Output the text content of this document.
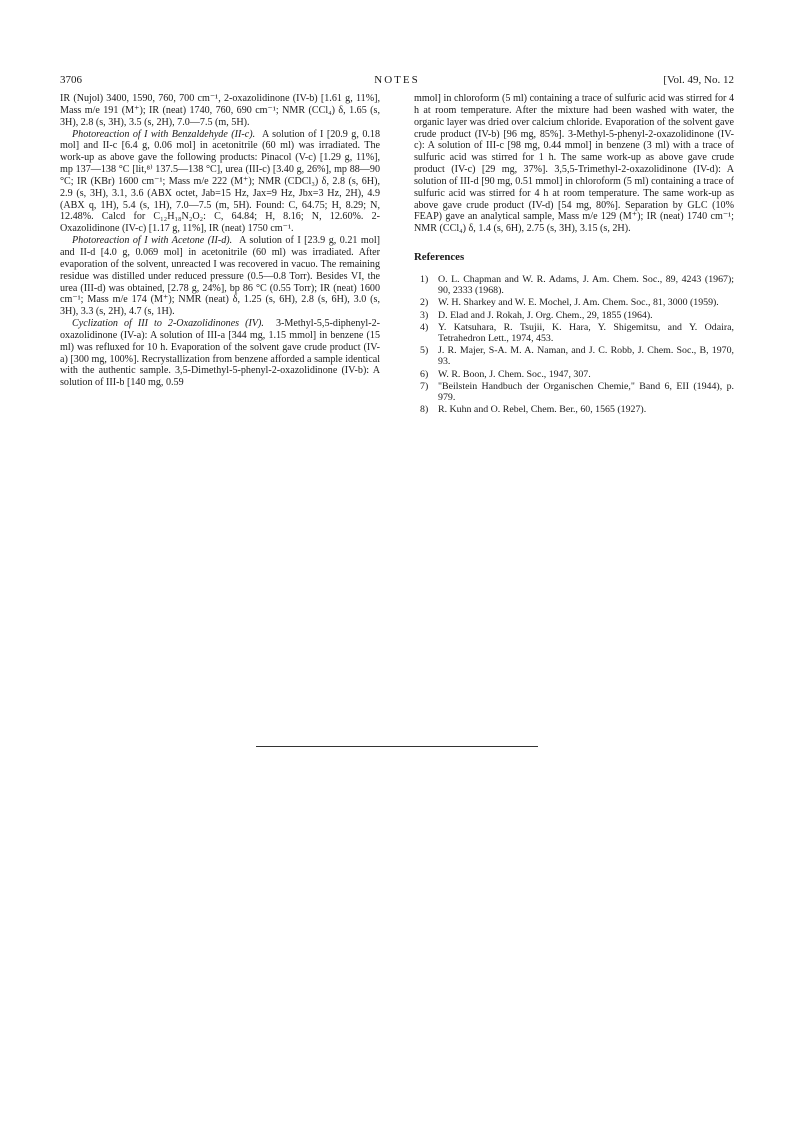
3706	NOTES	[Vol. 49, No. 12

IR (Nujol) 3400, 1590, 760, 700 cm⁻¹, 2-oxazolidinone (IV-b) [1.61 g, 11%], Mass m/e 191 (M⁺); IR (neat) 1740, 760, 690 cm⁻¹; NMR (CCl₄) δ, 1.65 (s, 3H), 2.8 (s, 3H), 3.5 (s, 2H), 7.0—7.5 (m, 5H).

Photoreaction of I with Benzaldehyde (II-c). A solution of I [20.9 g, 0.18 mol] and II-c [6.4 g, 0.06 mol] in acetonitrile (60 ml) was irradiated. The work-up as above gave the following products: Pinacol (V-c) [1.29 g, 11%], mp 137—138 °C [lit,⁸⁾ 137.5—138 °C], urea (III-c) [3.40 g, 26%], mp 88—90 °C; IR (KBr) 1600 cm⁻¹; Mass m/e 222 (M⁺); NMR (CDCl₃) δ, 2.8 (s, 6H), 2.9 (s, 3H), 3.1, 3.6 (ABX octet, Jab=15 Hz, Jax=9 Hz, Jbx=3 Hz, 2H), 4.9 (ABX q, 1H), 5.4 (s, 1H), 7.0—7.5 (m, 5H). Found: C, 64.75; H, 8.29; N, 12.48%. Calcd for C₁₂H₁₈N₂O₂: C, 64.84; H, 8.16; N, 12.60%. 2-Oxazolidinone (IV-c) [1.17 g, 11%], IR (neat) 1750 cm⁻¹.

Photoreaction of I with Acetone (II-d). A solution of I [23.9 g, 0.21 mol] and II-d [4.0 g, 0.069 mol] in acetonitrile (60 ml) was irradiated. After evaporation of the solvent, unreacted I was recovered in vacuo. The remaining residue was distilled under reduced pressure (0.5—0.8 Torr). Besides VI, the urea (III-d) was obtained, [2.78 g, 24%], bp 86 °C (0.55 Torr); IR (neat) 1600 cm⁻¹; Mass m/e 174 (M⁺); NMR (neat) δ, 1.25 (s, 6H), 2.8 (s, 6H), 3.0 (s, 3H), 3.3 (s, 2H), 4.7 (s, 1H).

Cyclization of III to 2-Oxazolidinones (IV). 3-Methyl-5,5-diphenyl-2-oxazolidinone (IV-a): A solution of III-a [344 mg, 1.15 mmol] in benzene (15 ml) was refluxed for 10 h. Evaporation of the solvent gave crude product (IV-a) [300 mg, 100%]. Recrystallization from benzene afforded a sample identical with the authentic sample. 3,5-Dimethyl-5-phenyl-2-oxazolidinone (IV-b): A solution of III-b [140 mg, 0.59

mmol] in chloroform (5 ml) containing a trace of sulfuric acid was stirred for 4 h at room temperature. After the mixture had been washed with water, the organic layer was dried over calcium chloride. Evaporation of the solvent gave crude product (IV-b) [96 mg, 85%]. 3-Methyl-5-phenyl-2-oxazolidinone (IV-c): A solution of III-c [98 mg, 0.44 mmol] in benzene (3 ml) with a trace of sulfuric acid was stirred for 1 h. The same work-up as above gave crude product (IV-c) [29 mg, 37%]. 3,5,5-Trimethyl-2-oxazolidinone (IV-d): A solution of III-d [90 mg, 0.51 mmol] in chloroform (5 ml) containing a trace of sulfuric acid was stirred for 4 h at room temperature. The same work-up as above gave crude product (IV-d) [54 mg, 80%]. Separation by GLC (10% FEAP) gave an analytical sample, Mass m/e 129 (M⁺); IR (neat) 1740 cm⁻¹; NMR (CCl₄) δ, 1.4 (s, 6H), 2.75 (s, 3H), 3.15 (s, 2H).

References

1) O. L. Chapman and W. R. Adams, J. Am. Chem. Soc., 89, 4243 (1967); 90, 2333 (1968).
2) W. H. Sharkey and W. E. Mochel, J. Am. Chem. Soc., 81, 3000 (1959).
3) D. Elad and J. Rokah, J. Org. Chem., 29, 1855 (1964).
4) Y. Katsuhara, R. Tsujii, K. Hara, Y. Shigemitsu, and Y. Odaira, Tetrahedron Lett., 1974, 453.
5) J. R. Majer, S-A. M. A. Naman, and J. C. Robb, J. Chem. Soc., B, 1970, 93.
6) W. R. Boon, J. Chem. Soc., 1947, 307.
7) "Beilstein Handbuch der Organischen Chemie," Band 6, EII (1944), p. 979.
8) R. Kuhn and O. Rebel, Chem. Ber., 60, 1565 (1927).
